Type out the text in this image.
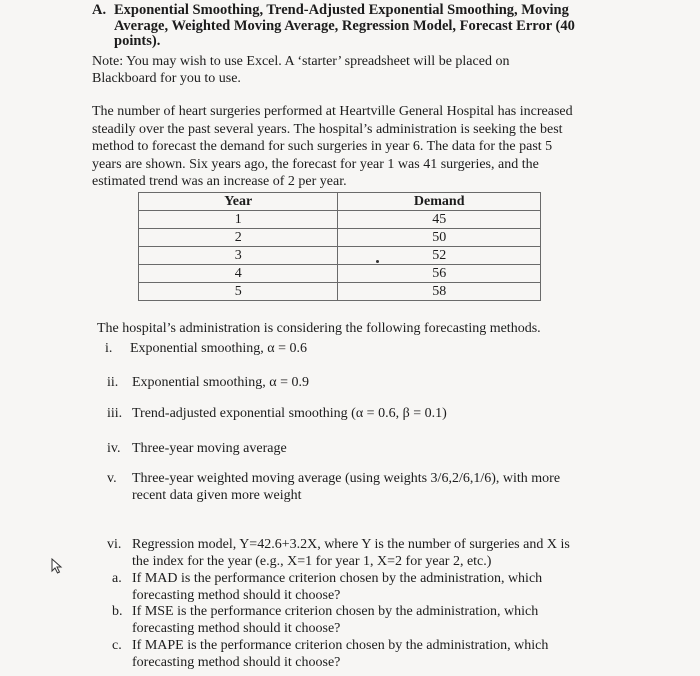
A. Exponential Smoothing, Trend-Adjusted Exponential Smoothing, Moving
Average, Weighted Moving Average, Regression Model, Forecast Error (40
points).
Note: You may wish to use Excel. A ‘starter’ spreadsheet will be placed on
Blackboard for you to use.
The number of heart surgeries performed at Heartville General Hospital has increased
steadily over the past several years. The hospital’s administration is seeking the best
method to forecast the demand for such surgeries in year 6. The data for the past 5
years are shown. Six years ago, the forecast for year 1 was 41 surgeries, and the
estimated trend was an increase of 2 per year.
Year	Demand
1	45
2	50
3	52
4	56
5	58
The hospital’s administration is considering the following forecasting methods.
i. Exponential smoothing, α = 0.6
ii. Exponential smoothing, α = 0.9
iii. Trend-adjusted exponential smoothing (α = 0.6, β = 0.1)
iv. Three-year moving average
v. Three-year weighted moving average (using weights 3/6,2/6,1/6), with more
recent data given more weight
vi. Regression model, Y=42.6+3.2X, where Y is the number of surgeries and X is
the index for the year (e.g., X=1 for year 1, X=2 for year 2, etc.)
a. If MAD is the performance criterion chosen by the administration, which
forecasting method should it choose?
b. If MSE is the performance criterion chosen by the administration, which
forecasting method should it choose?
c. If MAPE is the performance criterion chosen by the administration, which
forecasting method should it choose?
